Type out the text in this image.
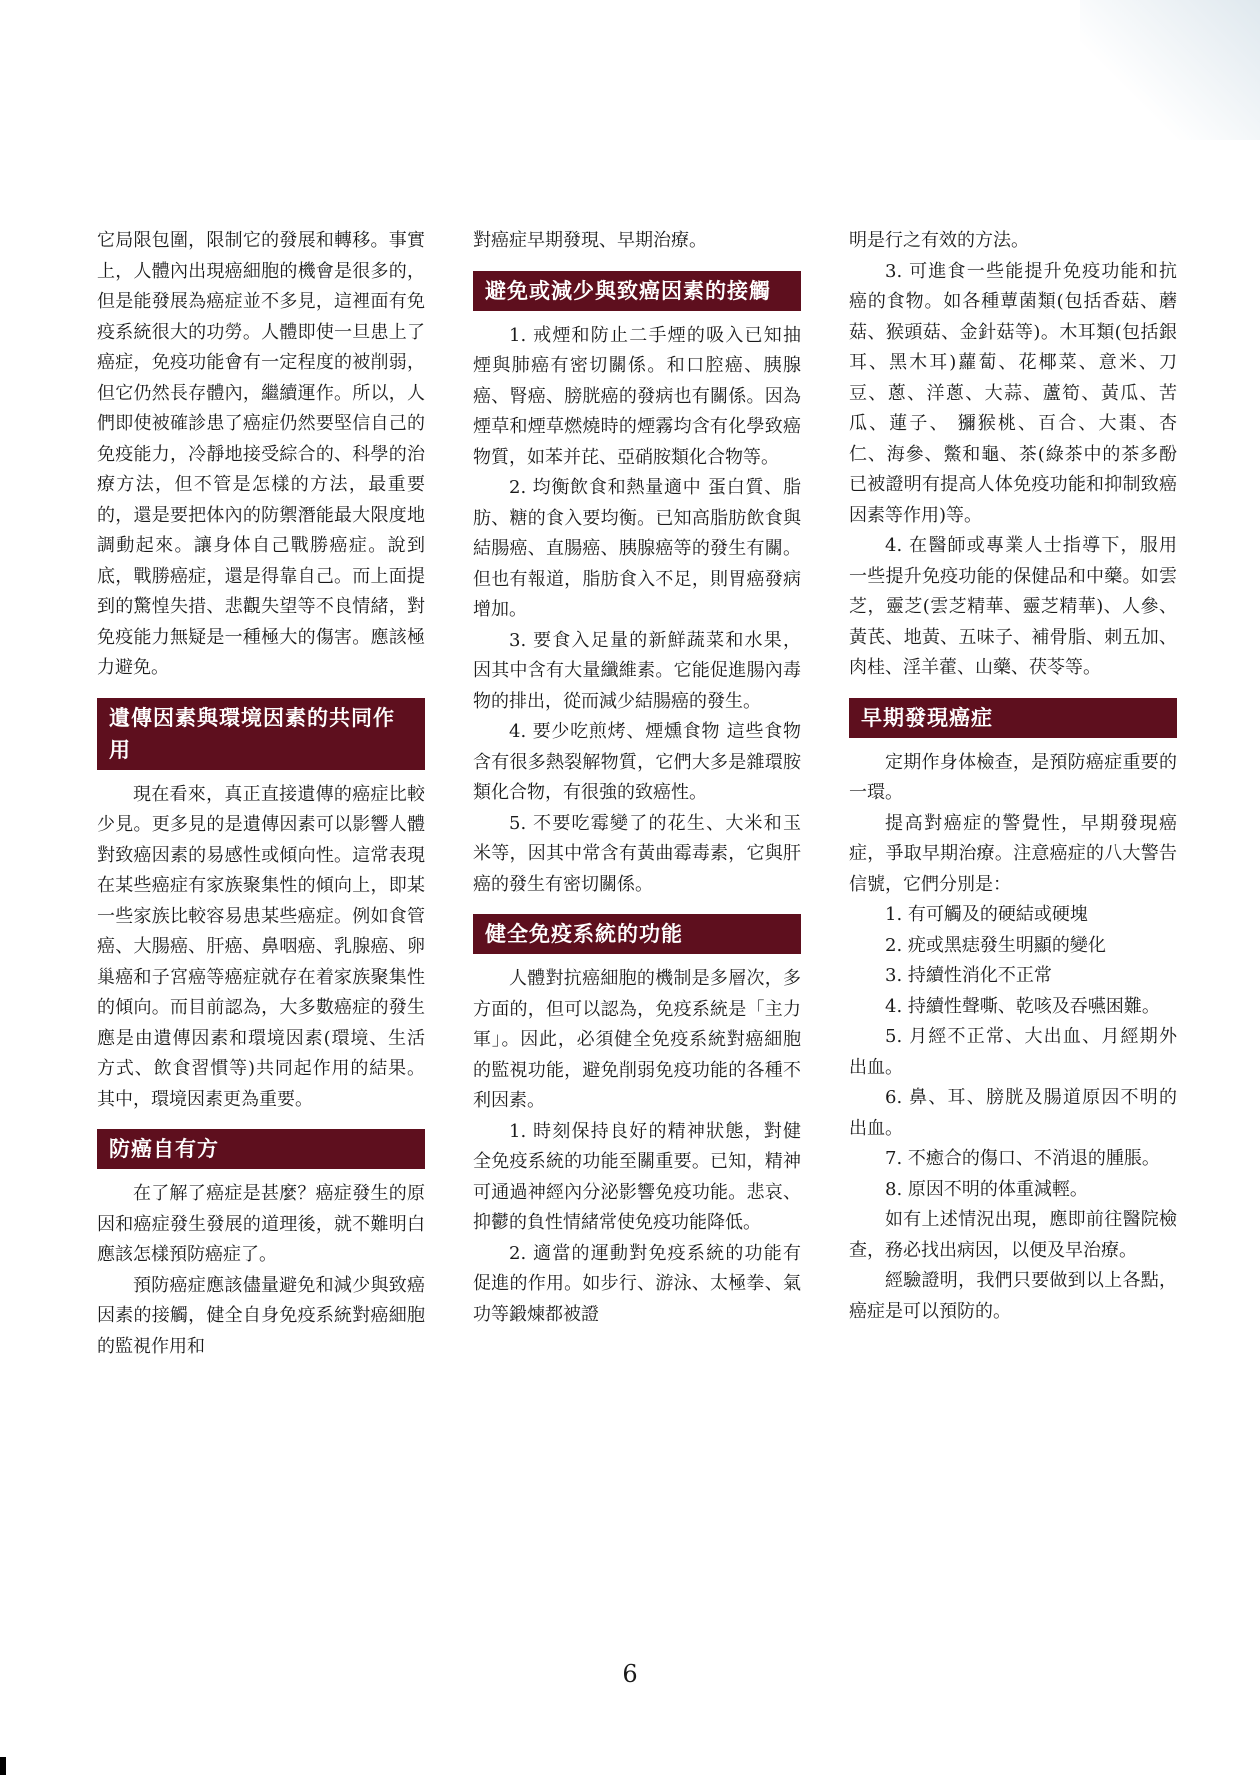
它局限包圍，限制它的發展和轉移。事實上，人體內出現癌細胞的機會是很多的，但是能發展為癌症並不多見，這裡面有免疫系統很大的功勞。人體即使一旦患上了癌症，免疫功能會有一定程度的被削弱，但它仍然長存體內，繼續運作。所以，人們即使被確診患了癌症仍然要堅信自己的免疫能力，冷靜地接受綜合的、科學的治療方法，但不管是怎樣的方法，最重要的，還是要把体內的防禦潛能最大限度地調動起來。讓身体自己戰勝癌症。說到底，戰勝癌症，還是得靠自己。而上面提到的驚惶失措、悲觀失望等不良情緒，對免疫能力無疑是一種極大的傷害。應該極力避免。

遺傳因素與環境因素的共同作用

現在看來，真正直接遺傳的癌症比較少見。更多見的是遺傳因素可以影響人體對致癌因素的易感性或傾向性。這常表現在某些癌症有家族聚集性的傾向上，即某一些家族比較容易患某些癌症。例如食管癌、大腸癌、肝癌、鼻咽癌、乳腺癌、卵巢癌和子宮癌等癌症就存在着家族聚集性的傾向。而目前認為，大多數癌症的發生應是由遺傳因素和環境因素(環境、生活方式、飲食習慣等)共同起作用的結果。其中，環境因素更為重要。

防癌自有方

在了解了癌症是甚麼？癌症發生的原因和癌症發生發展的道理後，就不難明白應該怎樣預防癌症了。

預防癌症應該儘量避免和減少與致癌因素的接觸，健全自身免疫系統對癌細胞的監視作用和

對癌症早期發現、早期治療。

避免或減少與致癌因素的接觸

1. 戒煙和防止二手煙的吸入已知抽煙與肺癌有密切關係。和口腔癌、胰腺癌、腎癌、膀胱癌的發病也有關係。因為煙草和煙草燃燒時的煙霧均含有化學致癌物質，如苯并芘、亞硝胺類化合物等。

2. 均衡飲食和熱量適中 蛋白質、脂肪、糖的食入要均衡。已知高脂肪飲食與結腸癌、直腸癌、胰腺癌等的發生有關。但也有報道，脂肪食入不足，則胃癌發病增加。

3. 要食入足量的新鮮蔬菜和水果，因其中含有大量纖維素。它能促進腸內毒物的排出，從而減少結腸癌的發生。

4. 要少吃煎烤、煙燻食物 這些食物含有很多熱裂解物質，它們大多是雜環胺類化合物，有很強的致癌性。

5. 不要吃霉變了的花生、大米和玉米等，因其中常含有黃曲霉毒素，它與肝癌的發生有密切關係。

健全免疫系統的功能

人體對抗癌細胞的機制是多層次，多方面的，但可以認為，免疫系統是「主力軍」。因此，必須健全免疫系統對癌細胞的監視功能，避免削弱免疫功能的各種不利因素。

1. 時刻保持良好的精神狀態，對健全免疫系統的功能至關重要。已知，精神可通過神經內分泌影響免疫功能。悲哀、抑鬱的負性情緒常使免疫功能降低。

2. 適當的運動對免疫系統的功能有促進的作用。如步行、游泳、太極拳、氣功等鍛煉都被證

明是行之有效的方法。

3. 可進食一些能提升免疫功能和抗癌的食物。如各種蕈菌類(包括香菇、蘑菇、猴頭菇、金針菇等)。木耳類(包括銀耳、黑木耳)蘿蔔、花椰菜、意米、刀豆、蔥、洋蔥、大蒜、蘆筍、黃瓜、苦瓜、蓮子、 獼猴桃、百合、大棗、杏仁、海參、鱉和龜、茶(綠茶中的茶多酚已被證明有提高人体免疫功能和抑制致癌因素等作用)等。

4. 在醫師或專業人士指導下，服用一些提升免疫功能的保健品和中藥。如雲芝，靈芝(雲芝精華、靈芝精華)、人參、黃芪、地黃、五味子、補骨脂、刺五加、肉桂、淫羊藿、山藥、茯苓等。

早期發現癌症

定期作身体檢查，是預防癌症重要的一環。

提高對癌症的警覺性，早期發現癌症，爭取早期治療。注意癌症的八大警告信號，它們分別是：

1. 有可觸及的硬結或硬塊

2. 疣或黑痣發生明顯的變化

3. 持續性消化不正常

4. 持續性聲嘶、乾咳及吞嚥困難。

5. 月經不正常、大出血、月經期外出血。

6. 鼻、耳、膀胱及腸道原因不明的出血。

7. 不癒合的傷口、不消退的腫脹。

8. 原因不明的体重減輕。

如有上述情況出現，應即前往醫院檢查，務必找出病因，以便及早治療。

經驗證明，我們只要做到以上各點，癌症是可以預防的。

6
